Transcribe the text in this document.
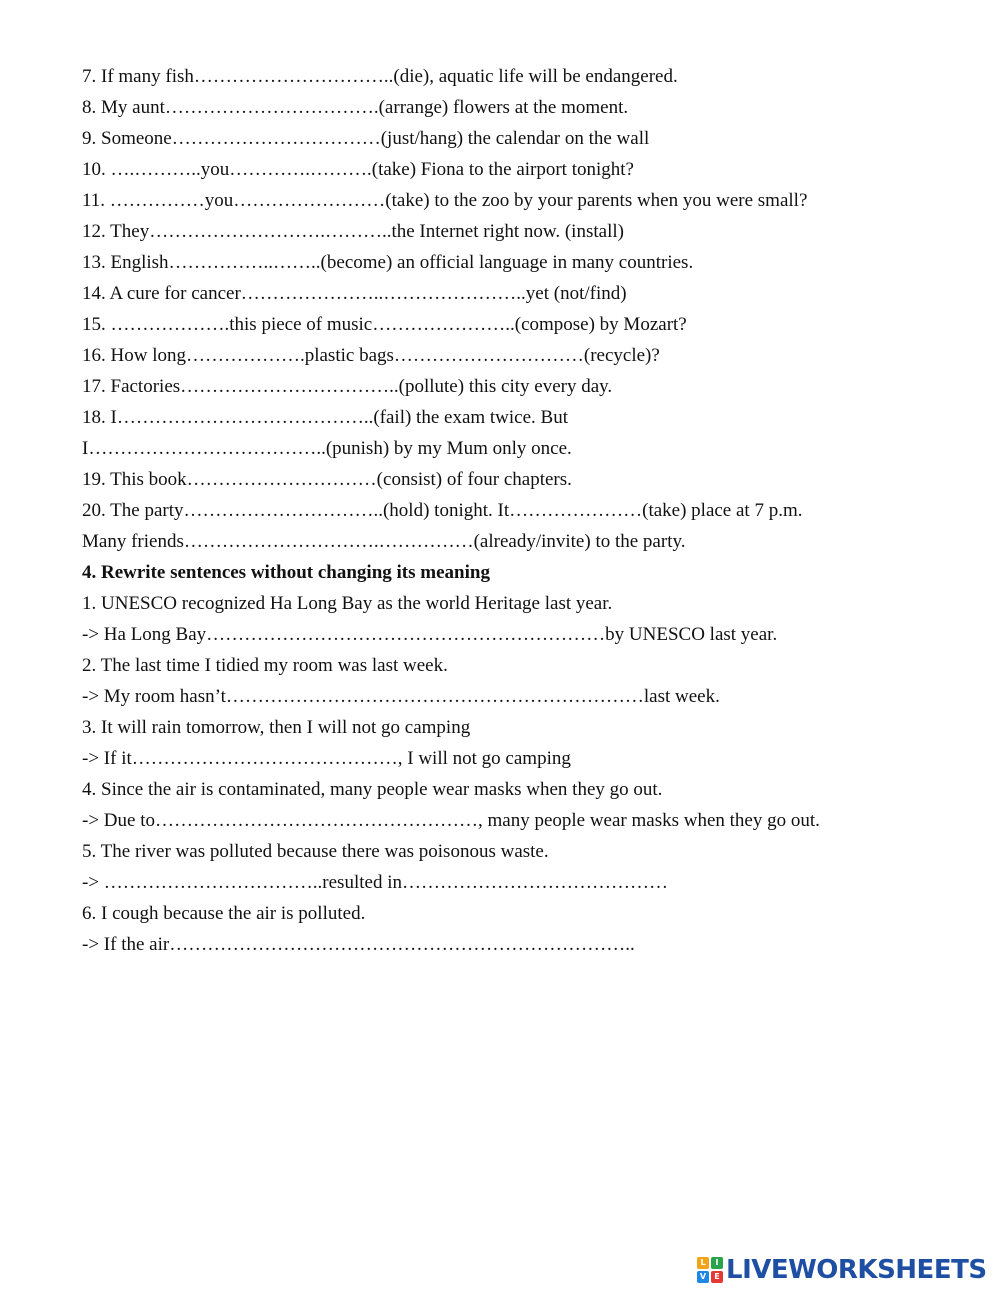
7. If many fish…………………………..(die), aquatic life will be endangered.
8. My aunt…………………………….(arrange) flowers at the moment.
9. Someone……………………………(just/hang) the calendar on the wall
10. ….………..you………….……….(take) Fiona to the airport tonight?
11. ……………you……………………(take) to the zoo by your parents when you were small?
12. They……………………….………..the Internet right now. (install)
13. English……………..……..(become) an official language in many countries.
14. A cure for cancer…………………..…………………..yet (not/find)
15. ……………….this piece of music…………………..(compose) by Mozart?
16. How long……………….plastic bags…………………………(recycle)?
17. Factories……………………………..(pollute) this city every day.
18. I…………………………………..(fail) the exam twice. But
I………………………………..(punish) by my Mum only once.
19. This book…………………………(consist) of four chapters.
20. The party…………………………..(hold) tonight. It…………………(take) place at 7 p.m.
Many friends………………………….……………(already/invite) to the party.
4. Rewrite sentences without changing its meaning
1. UNESCO recognized Ha Long Bay as the world Heritage last year.
-> Ha Long Bay………………………………………………………by UNESCO last year.
2. The last time I tidied my room was last week.
-> My room hasn’t…………………………………………………………last week.
3. It will rain tomorrow, then I will not go camping
-> If it……………………………………, I will not go camping
4. Since the air is contaminated, many people wear masks when they go out.
-> Due to……………………………………………, many people wear masks when they go out.
5. The river was polluted because there was poisonous waste.
-> ……………………………..resulted in……………………………………
6. I cough because the air is polluted.
-> If the air………………………………………………………………..
L	I
V	E LIVEWORKSHEETS
